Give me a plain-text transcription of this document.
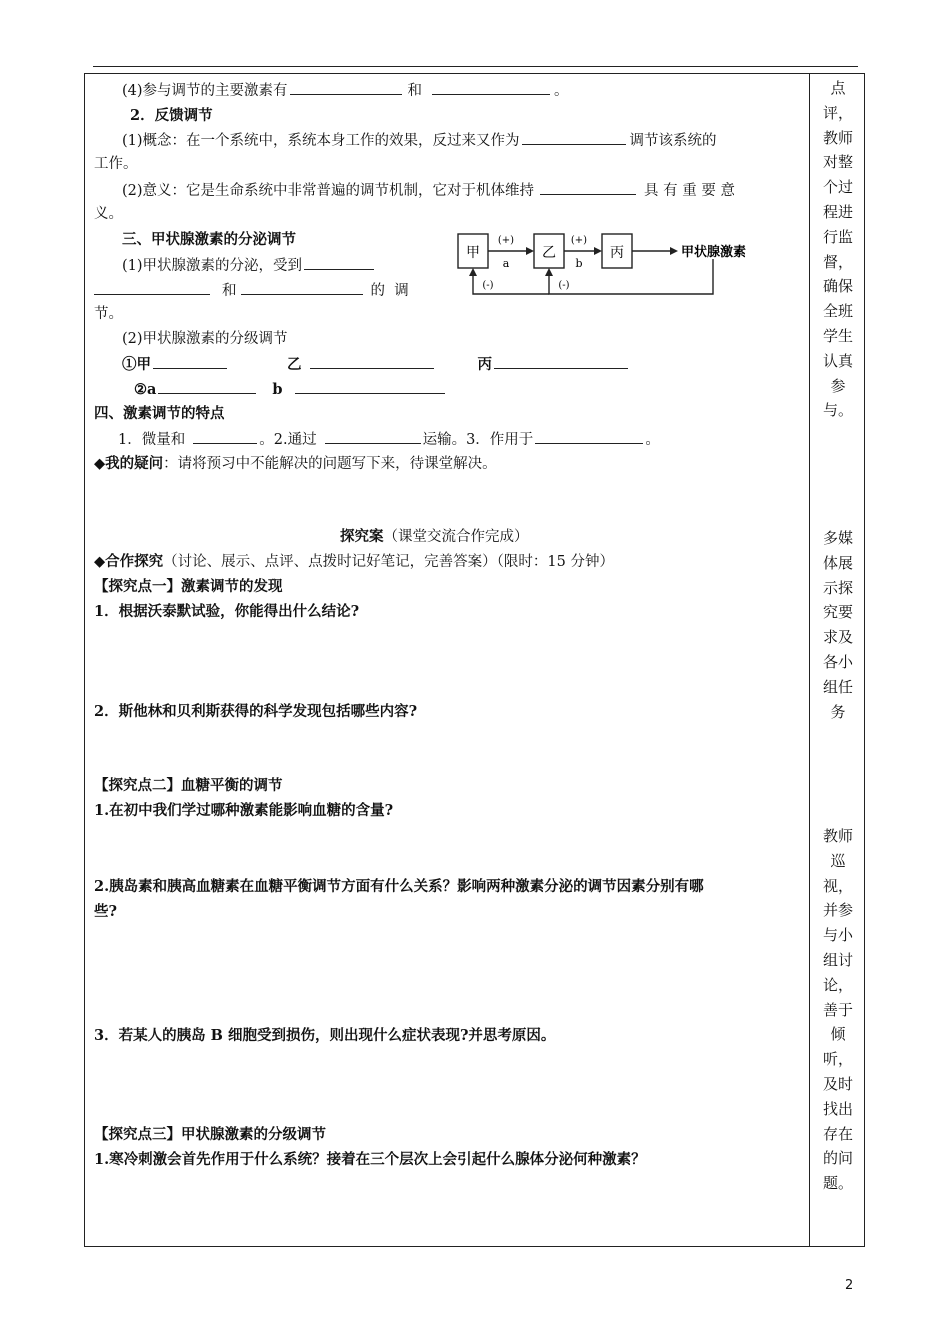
(4)参与调节的主要激素有	和	。
2．反馈调节
(1)概念：在一个系统中，系统本身工作的效果，反过来又作为	调节该系统的
工作。
(2)意义：它是生命系统中非常普遍的调节机制，它对于机体维持	具 有 重 要 意
义。
三、甲状腺激素的分泌调节
(1)甲状腺激素的分泌，受到
和	的  调
节。
甲	乙	丙
(+)	(+)
a	b
甲状腺激素
(-)	(-)
(2)甲状腺激素的分级调节
①甲	乙	丙
②a	b
四、激素调节的特点
1．微量和	。2.通过	运输。3．作用于	。
◆我的疑问：请将预习中不能解决的问题写下来，待课堂解决。
探究案（课堂交流合作完成）
◆合作探究（讨论、展示、点评、点拨时记好笔记，完善答案）（限时：15 分钟）
【探究点一】激素调节的发现
1．根据沃泰默试验，你能得出什么结论?
2．斯他林和贝利斯获得的科学发现包括哪些内容?
【探究点二】血糖平衡的调节
1.在初中我们学过哪种激素能影响血糖的含量?
2.胰岛素和胰高血糖素在血糖平衡调节方面有什么关系？影响两种激素分泌的调节因素分别有哪
些?
3．若某人的胰岛 B 细胞受到损伤，则出现什么症状表现?并思考原因。
【探究点三】甲状腺激素的分级调节
1.寒冷刺激会首先作用于什么系统？接着在三个层次上会引起什么腺体分泌何种激素？
点
评，
教师
对整
个过
程进
行监
督，
确保
全班
学生
认真
参
与。
多媒
体展
示探
究要
求及
各小
组任
务
教师
巡
视，
并参
与小
组讨
论，
善于
倾
听，
及时
找出
存在
的问
题。
2
